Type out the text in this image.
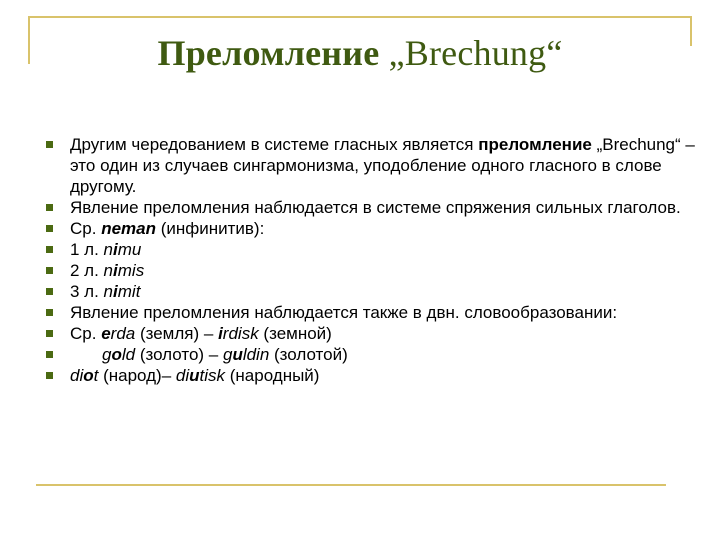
Преломление „Brechung“
Другим чередованием в системе гласных является преломление „Brechung“ – это один из случаев сингармонизма, уподобление одного гласного в слове другому.
Явление преломления наблюдается в системе спряжения сильных глаголов.
Ср. neman (инфинитив):
1 л. nimu
2 л. nimis
3 л. nimit
Явление преломления наблюдается также в двн. словообразовании:
Ср. erda (земля) – irdisk (земной)
gold (золото) – guldin (золотой)
diot (народ)– diutisk (народный)
